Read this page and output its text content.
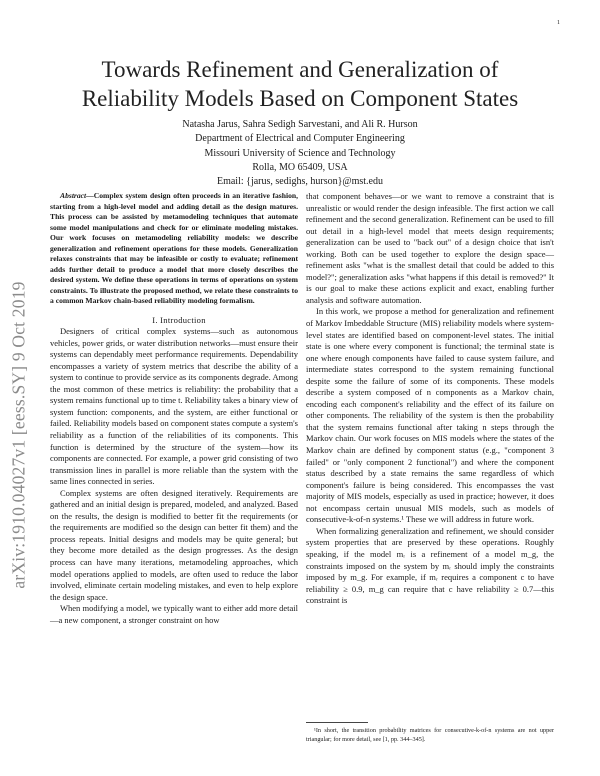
1
arXiv:1910.04027v1 [eess.SY] 9 Oct 2019
Towards Refinement and Generalization of Reliability Models Based on Component States
Natasha Jarus, Sahra Sedigh Sarvestani, and Ali R. Hurson
Department of Electrical and Computer Engineering
Missouri University of Science and Technology
Rolla, MO 65409, USA
Email: {jarus, sedighs, hurson}@mst.edu

Abstract—Complex system design often proceeds in an iterative fashion, starting from a high-level model and adding detail as the design matures. This process can be assisted by metamodeling techniques that automate some model manipulations and check for or eliminate modeling mistakes. Our work focuses on metamodeling reliability models: we describe generalization and refinement operations for these models. Generalization relaxes constraints that may be infeasible or costly to evaluate; refinement adds further detail to produce a model that more closely describes the desired system. We define these operations in terms of operations on system constraints. To illustrate the proposed method, we relate these constraints to a common Markov chain-based reliability modeling formalism.

I. Introduction

Designers of critical complex systems—such as autonomous vehicles, power grids, or water distribution networks—must ensure their systems can dependably meet performance requirements. Dependability encompasses a variety of system metrics that describe the ability of a system to continue to provide service as its components degrade. Among the most common of these metrics is reliability: the probability that a system remains functional up to time t. Reliability takes a binary view of system function: components, and the system, are either functional or failed. Reliability models based on component states compute a system's reliability as a function of the reliabilities of its components. This function is determined by the structure of the system—how its components are connected. For example, a power grid consisting of two transmission lines in parallel is more reliable than the system with the same lines connected in series.

Complex systems are often designed iteratively. Requirements are gathered and an initial design is prepared, modeled, and analyzed. Based on the results, the design is modified to better fit the requirements (or the requirements are modified so the design can better fit them) and the process repeats. Initial designs and models may be quite general; but they become more detailed as the design progresses. As the design process can have many iterations, metamodeling approaches, which model operations applied to models, are often used to reduce the labor involved, eliminate certain modeling mistakes, and even to help explore the design space.

When modifying a model, we typically want to either add more detail—a new component, a stronger constraint on how

that component behaves—or we want to remove a constraint that is unrealistic or would render the design infeasible. The first action we call refinement and the second generalization. Refinement can be used to fill out detail in a high-level model that meets design requirements; generalization can be used to "back out" of a design choice that isn't working. Both can be used together to explore the design space—refinement asks "what is the smallest detail that could be added to this model?"; generalization asks "what happens if this detail is removed?" It is our goal to make these actions explicit and exact, enabling further analysis and software automation.

In this work, we propose a method for generalization and refinement of Markov Imbeddable Structure (MIS) reliability models where system-level states are identified based on component-level states. The initial state is one where every component is functional; the terminal state is one where enough components have failed to cause system failure, and intermediate states correspond to the system remaining functional despite some the failure of some of its components. These models describe a system composed of n components as a Markov chain, encoding each component's reliability and the effect of its failure on other components. The reliability of the system is then the probability that the system remains functional after taking n steps through the Markov chain. Our work focuses on MIS models where the states of the Markov chain are defined by component status (e.g., "component 3 failed" or "only component 2 functional") and where the component status described by a state remains the same regardless of which component's failure is being considered. This encompasses the vast majority of MIS models, especially as used in practice; however, it does not encompass certain unusual MIS models, such as models of consecutive-k-of-n systems.¹ These we will address in future work.

When formalizing generalization and refinement, we should consider system properties that are preserved by these operations. Roughly speaking, if the model mᵣ is a refinement of a model m_g, the constraints imposed on the system by mᵣ should imply the constraints imposed by m_g. For example, if mᵣ requires a component c to have reliability ≥ 0.9, m_g can require that c have reliability ≥ 0.7—this constraint is

¹In short, the transition probability matrices for consecutive-k-of-n systems are not upper triangular; for more detail, see [1, pp. 344–345].
